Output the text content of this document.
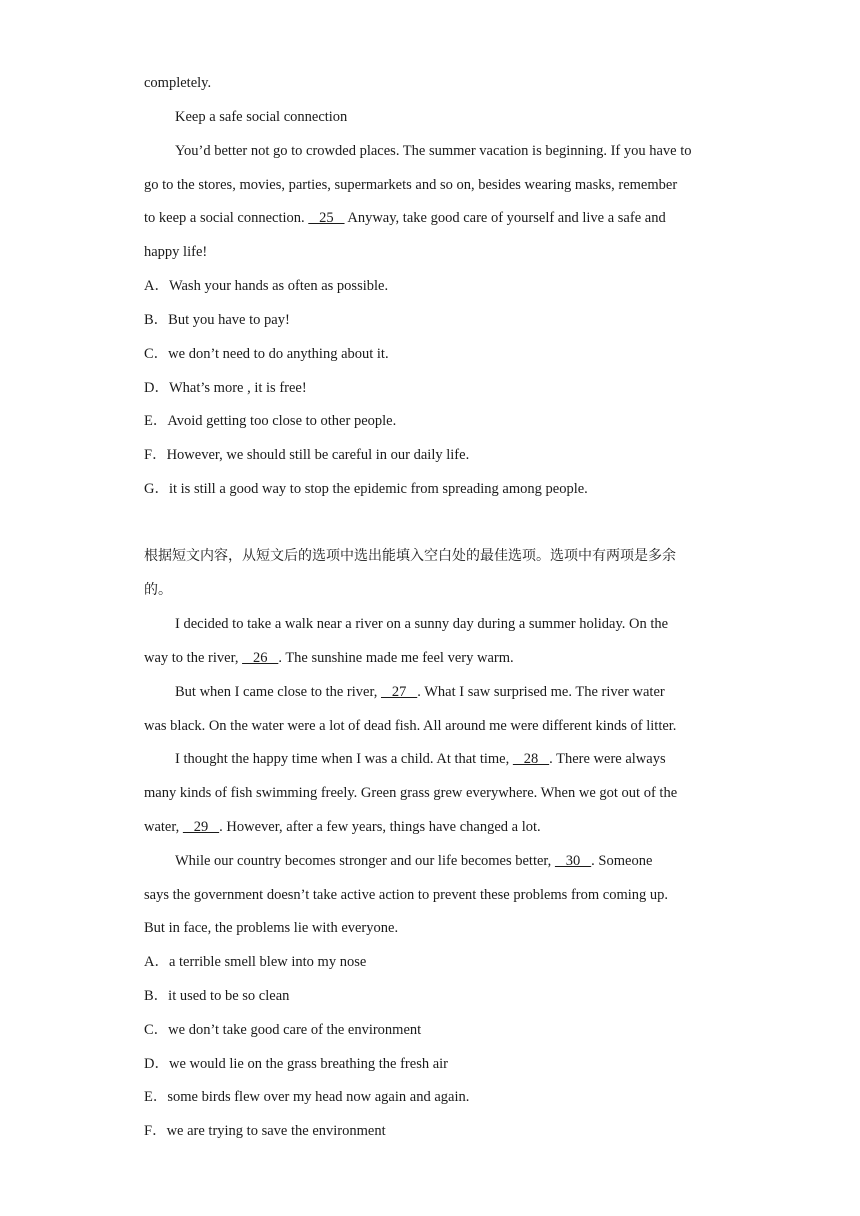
completely.

Keep a safe social connection

You’d better not go to crowded places. The summer vacation is beginning. If you have to

go to the stores, movies, parties, supermarkets and so on, besides wearing masks, remember

to keep a social connection.    25    Anyway, take good care of yourself and live a safe and

happy life!

A．Wash your hands as often as possible.

B．But you have to pay!

C．we don’t need to do anything about it.

D．What’s more , it is free!

E．Avoid getting too close to other people.

F．However, we should still be careful in our daily life.

G．it is still a good way to stop the epidemic from spreading among people.

根据短文内容，从短文后的选项中选出能填入空白处的最佳选项。选项中有两项是多余

的。

I decided to take a walk near a river on a sunny day during a summer holiday. On the

way to the river,    26   . The sunshine made me feel very warm.

But when I came close to the river,    27   . What I saw surprised me. The river water

was black. On the water were a lot of dead fish. All around me were different kinds of litter.

I thought the happy time when I was a child. At that time,    28   . There were always

many kinds of fish swimming freely. Green grass grew everywhere. When we got out of the

water,    29   . However, after a few years, things have changed a lot.

While our country becomes stronger and our life becomes better,    30   . Someone

says the government doesn’t take active action to prevent these problems from coming up.

But in face, the problems lie with everyone.

A．a terrible smell blew into my nose

B．it used to be so clean

C．we don’t take good care of the environment

D．we would lie on the grass breathing the fresh air

E．some birds flew over my head now again and again.

F．we are trying to save the environment
